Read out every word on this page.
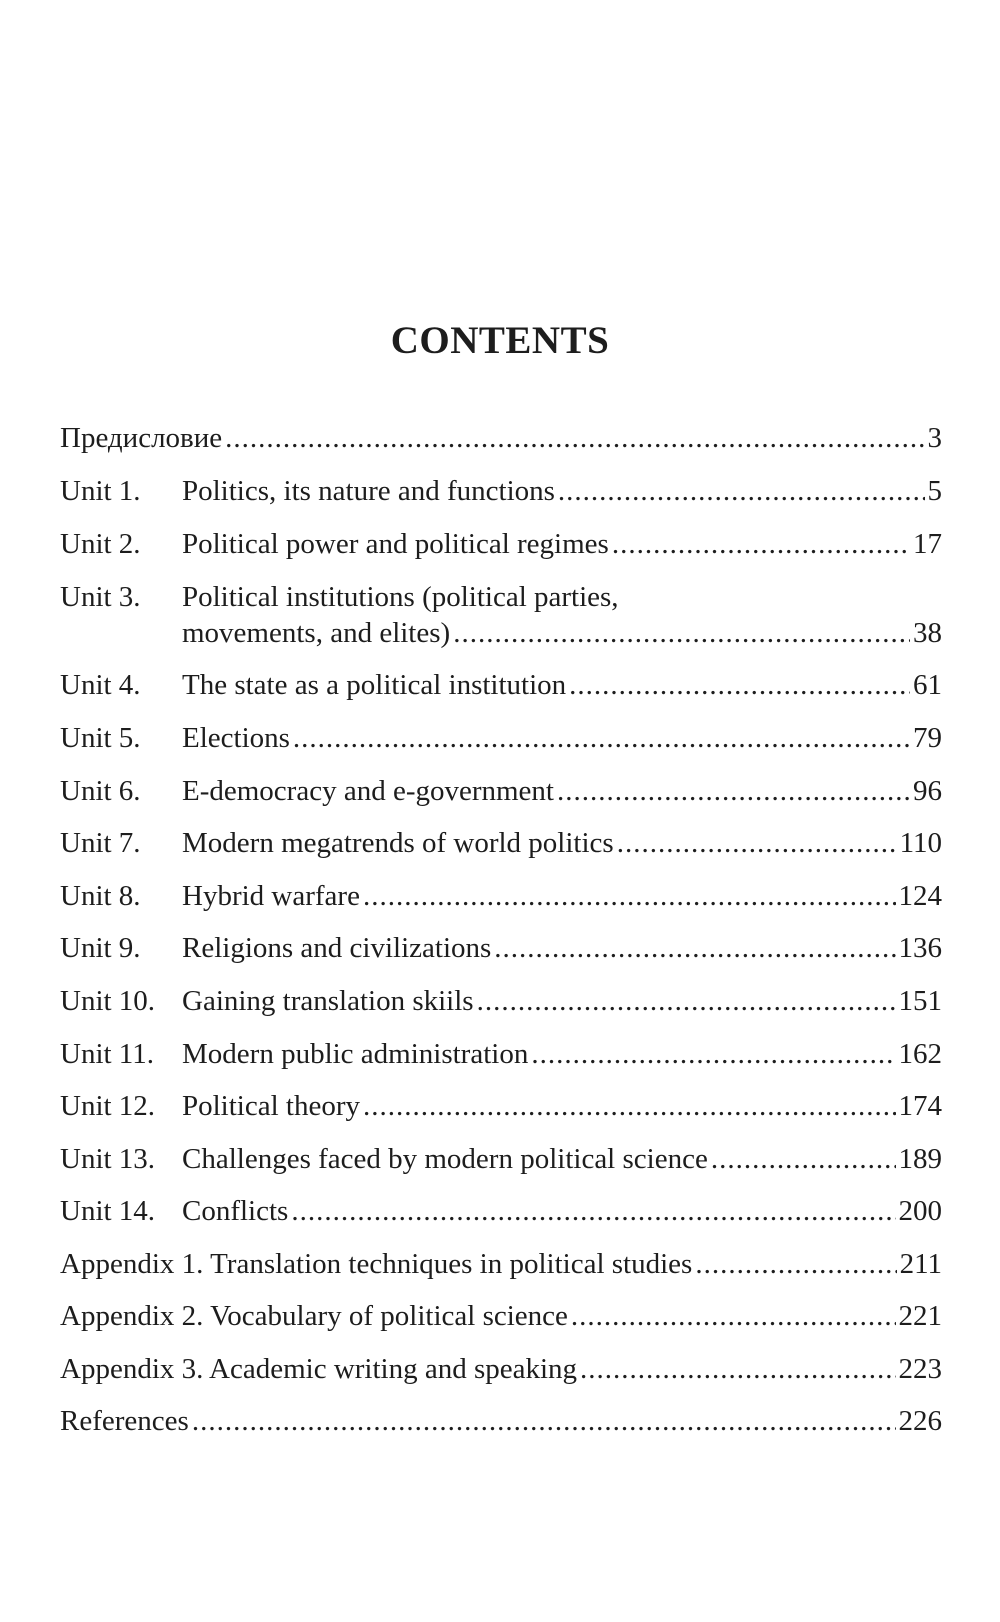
CONTENTS
Предисловие .....	3
Unit 1.	Politics, its nature and functions .....	5
Unit 2.	Political power and political regimes .....	17
Unit 3.	Political institutions (political parties,
movements, and elites) .....	38
Unit 4.	The state as a political institution .....	61
Unit 5.	Elections .....	79
Unit 6.	E-democracy and e-government .....	96
Unit 7.	Modern megatrends of world politics .....	110
Unit 8.	Hybrid warfare .....	124
Unit 9.	Religions and civilizations .....	136
Unit 10. Gaining translation skiils .....	151
Unit 11. Modern public administration .....	162
Unit 12. Political theory .....	174
Unit 13. Challenges faced by modern political science .....	189
Unit 14. Conflicts .....	200
Appendix 1. Translation techniques in political studies .....	211
Appendix 2. Vocabulary of political science .....	221
Appendix 3. Academic writing and speaking .....	223
References .....	226
